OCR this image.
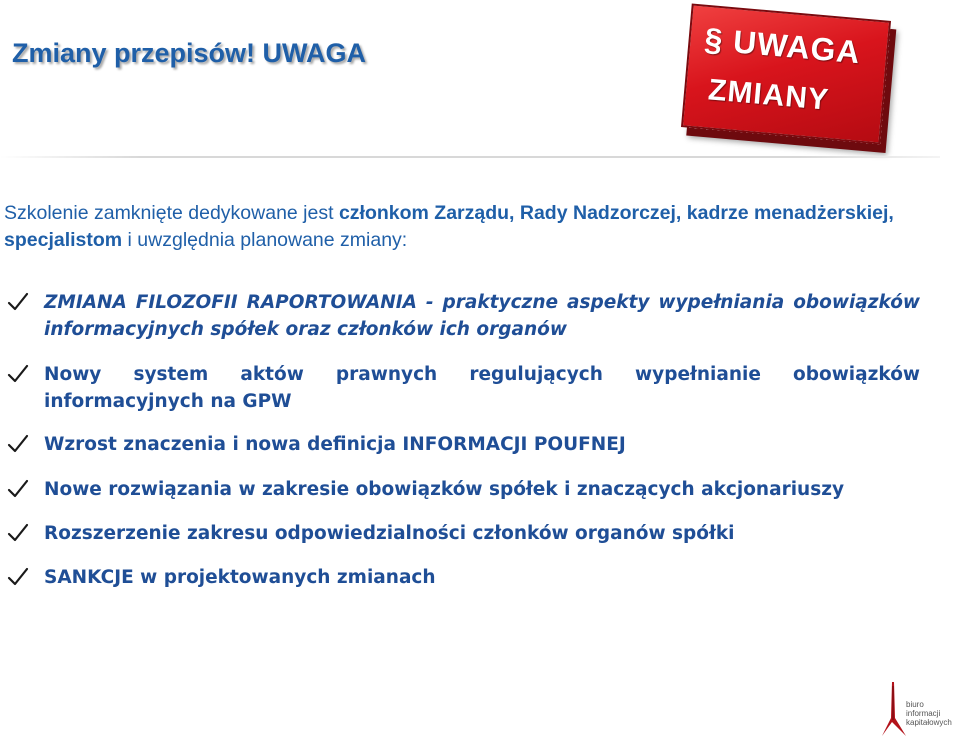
Zmiany przepisów! UWAGA	§ UWAGA
ZMIANY
Szkolenie zamknięte dedykowane jest członkom Zarządu, Rady Nadzorczej, kadrze menadżerskiej, specjalistom i uwzględnia planowane zmiany:
ZMIANA FILOZOFII RAPORTOWANIA - praktyczne aspekty wypełniania obowiązków informacyjnych spółek oraz członków ich organów
Nowy system aktów prawnych regulujących wypełnianie obowiązków informacyjnych na GPW
Wzrost znaczenia i nowa definicja INFORMACJI POUFNEJ
Nowe rozwiązania w zakresie obowiązków spółek i znaczących akcjonariuszy
Rozszerzenie zakresu odpowiedzialności członków organów spółki
SANKCJE w projektowanych zmianach
biuro
informacji
kapitałowych
